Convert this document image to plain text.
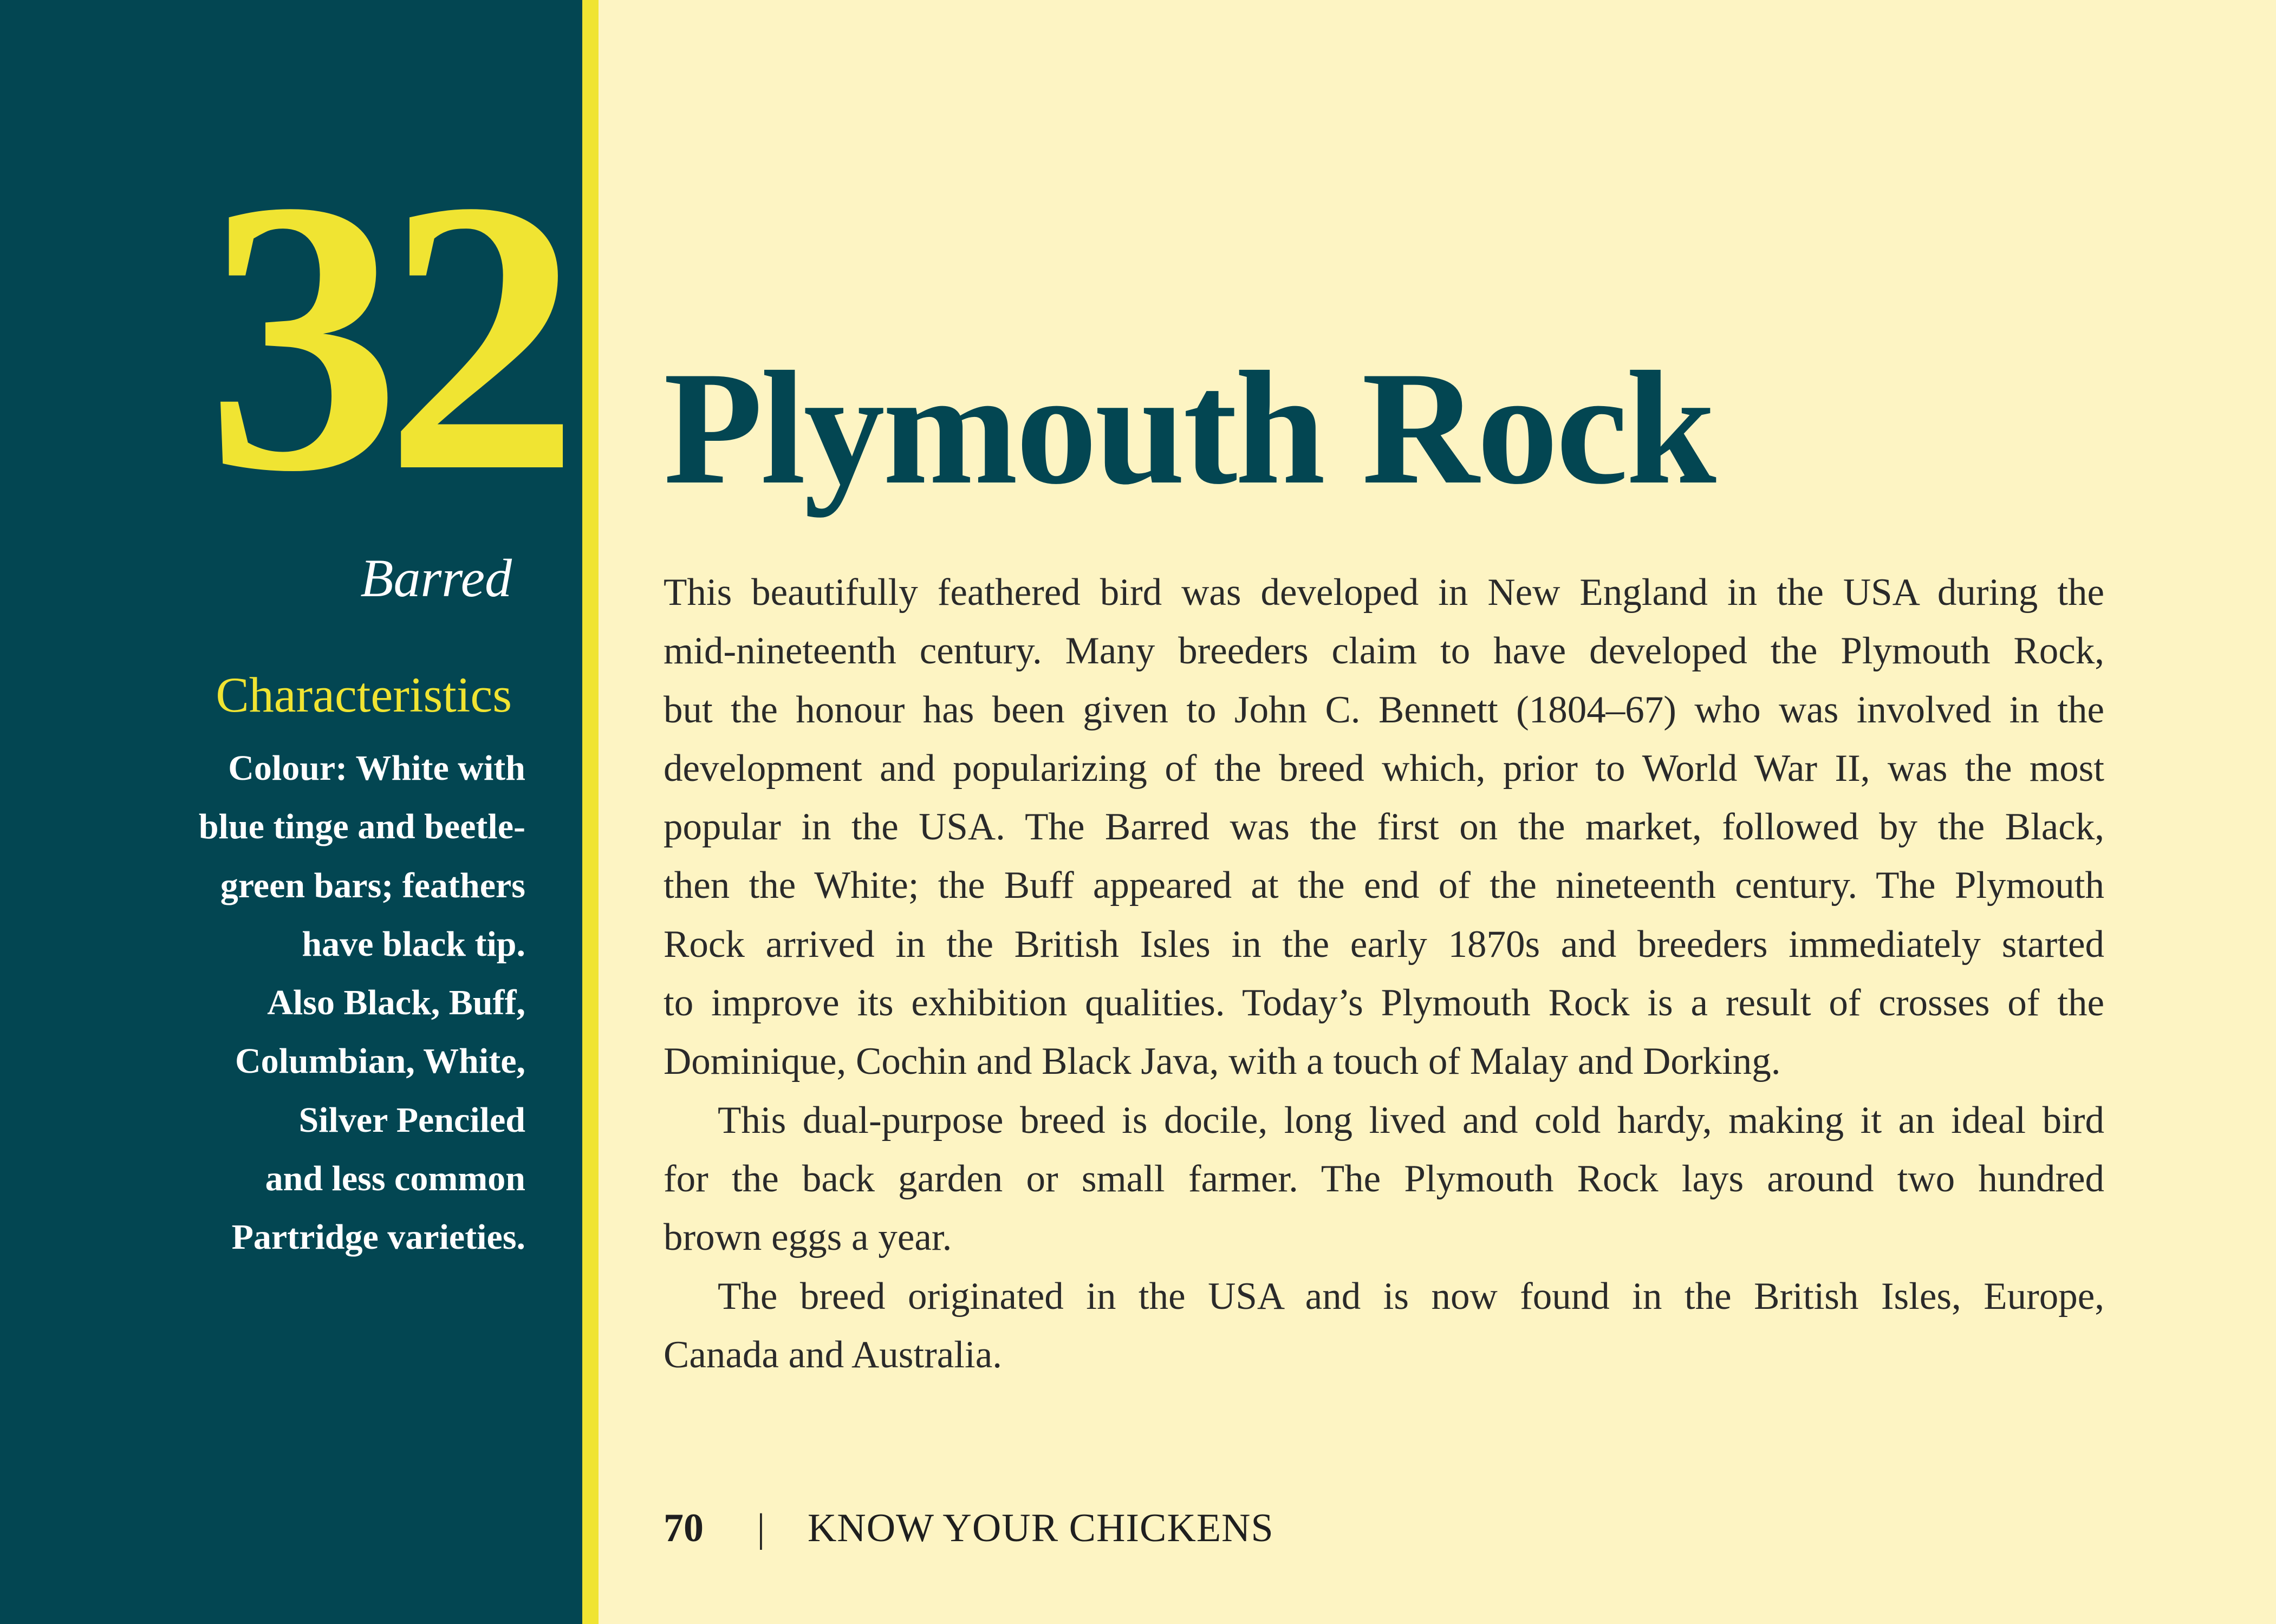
32
Barred
Characteristics
Colour: White with
blue tinge and beetle-
green bars; feathers
have black tip.
Also Black, Buff,
Columbian, White,
Silver Penciled
and less common
Partridge varieties.
Plymouth Rock
This beautifully feathered bird was developed in New England in the USA during the
mid-nineteenth century. Many breeders claim to have developed the Plymouth Rock,
but the honour has been given to John C. Bennett (1804–67) who was involved in the
development and popularizing of the breed which, prior to World War II, was the most
popular in the USA. The Barred was the first on the market, followed by the Black,
then the White; the Buff appeared at the end of the nineteenth century. The Plymouth
Rock arrived in the British Isles in the early 1870s and breeders immediately started
to improve its exhibition qualities. Today’s Plymouth Rock is a result of crosses of the
Dominique, Cochin and Black Java, with a touch of Malay and Dorking.
This dual-purpose breed is docile, long lived and cold hardy, making it an ideal bird
for the back garden or small farmer. The Plymouth Rock lays around two hundred
brown eggs a year.
The breed originated in the USA and is now found in the British Isles, Europe,
Canada and Australia.
70 | KNOW YOUR CHICKENS
